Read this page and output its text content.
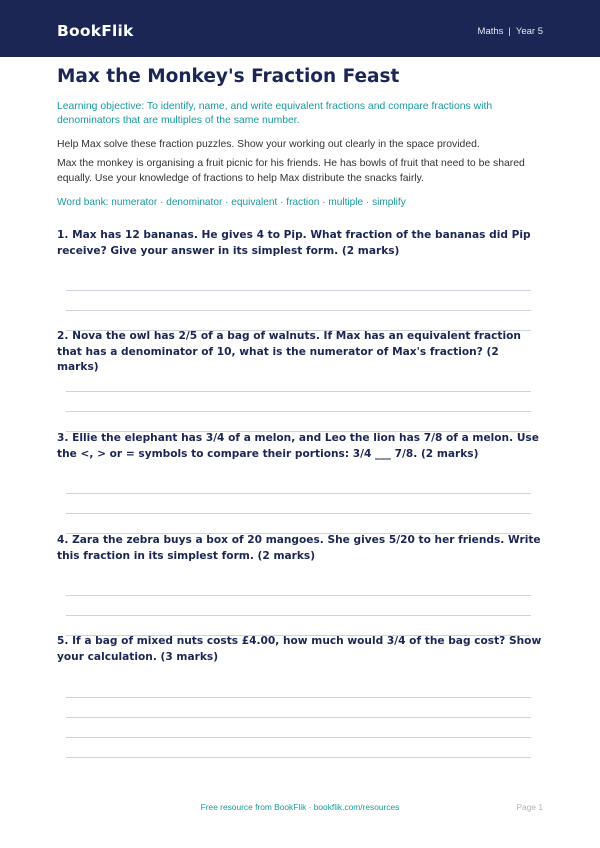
BookFlik	Maths | Year 5
Max the Monkey's Fraction Feast
Learning objective: To identify, name, and write equivalent fractions and compare fractions with denominators that are multiples of the same number.
Help Max solve these fraction puzzles. Show your working out clearly in the space provided.
Max the monkey is organising a fruit picnic for his friends. He has bowls of fruit that need to be shared equally. Use your knowledge of fractions to help Max distribute the snacks fairly.
Word bank: numerator · denominator · equivalent · fraction · multiple · simplify
1. Max has 12 bananas. He gives 4 to Pip. What fraction of the bananas did Pip receive? Give your answer in its simplest form. (2 marks)
2. Nova the owl has 2/5 of a bag of walnuts. If Max has an equivalent fraction that has a denominator of 10, what is the numerator of Max's fraction? (2 marks)
3. Ellie the elephant has 3/4 of a melon, and Leo the lion has 7/8 of a melon. Use the <, > or = symbols to compare their portions: 3/4 ___ 7/8. (2 marks)
4. Zara the zebra buys a box of 20 mangoes. She gives 5/20 to her friends. Write this fraction in its simplest form. (2 marks)
5. If a bag of mixed nuts costs £4.00, how much would 3/4 of the bag cost? Show your calculation. (3 marks)
Free resource from BookFlik · bookflik.com/resources	Page 1
